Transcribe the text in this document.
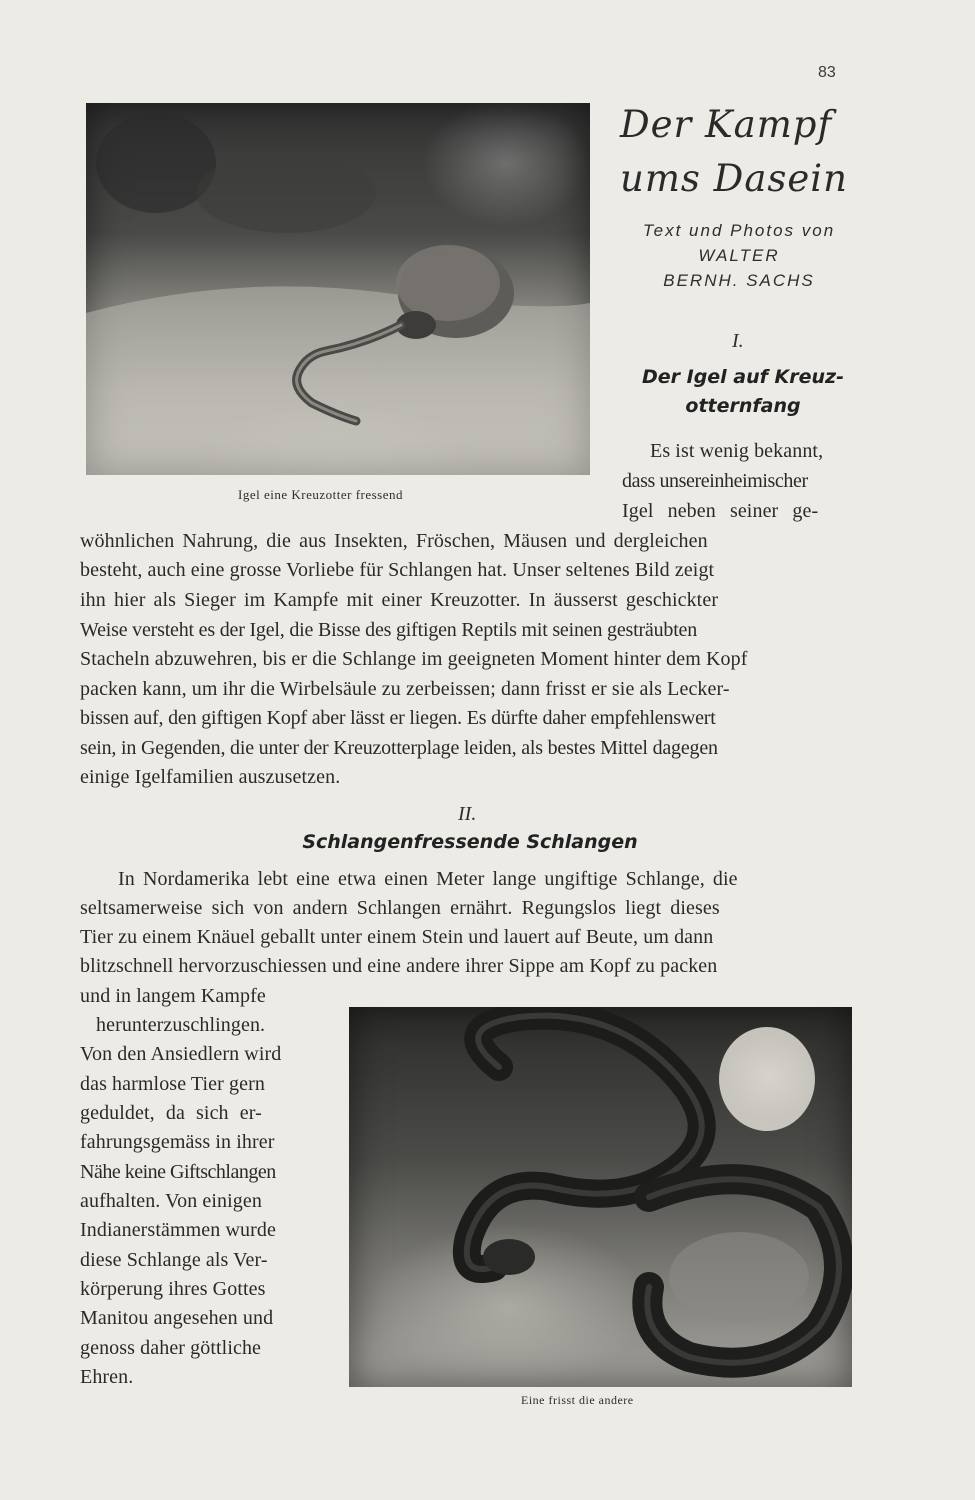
83
Igel eine Kreuzotter fressend
Der Kampf
ums Dasein
Text und Photos von
WALTER
BERNH. SACHS
I.
Der Igel auf Kreuz-
otternfang
Es ist wenig bekannt,
dass unsereinheimischer
Igel neben seiner ge-
wöhnlichen Nahrung, die aus Insekten, Fröschen, Mäusen und dergleichen
besteht, auch eine grosse Vorliebe für Schlangen hat. Unser seltenes Bild zeigt
ihn hier als Sieger im Kampfe mit einer Kreuzotter. In äusserst geschickter
Weise versteht es der Igel, die Bisse des giftigen Reptils mit seinen gesträubten
Stacheln abzuwehren, bis er die Schlange im geeigneten Moment hinter dem Kopf
packen kann, um ihr die Wirbelsäule zu zerbeissen; dann frisst er sie als Lecker-
bissen auf, den giftigen Kopf aber lässt er liegen. Es dürfte daher empfehlenswert
sein, in Gegenden, die unter der Kreuzotterplage leiden, als bestes Mittel dagegen
einige Igelfamilien auszusetzen.
II.
Schlangenfressende Schlangen
In Nordamerika lebt eine etwa einen Meter lange ungiftige Schlange, die
seltsamerweise sich von andern Schlangen ernährt. Regungslos liegt dieses
Tier zu einem Knäuel geballt unter einem Stein und lauert auf Beute, um dann
blitzschnell hervorzuschiessen und eine andere ihrer Sippe am Kopf zu packen
und in langem Kampfe
herunterzuschlingen.
Von den Ansiedlern wird
das harmlose Tier gern
geduldet, da sich er-
fahrungsgemäss in ihrer
Nähe keine Giftschlangen
aufhalten. Von einigen
Indianerstämmen wurde
diese Schlange als Ver-
körperung ihres Gottes
Manitou angesehen und
genoss daher göttliche
Ehren.
Eine frisst die andere
